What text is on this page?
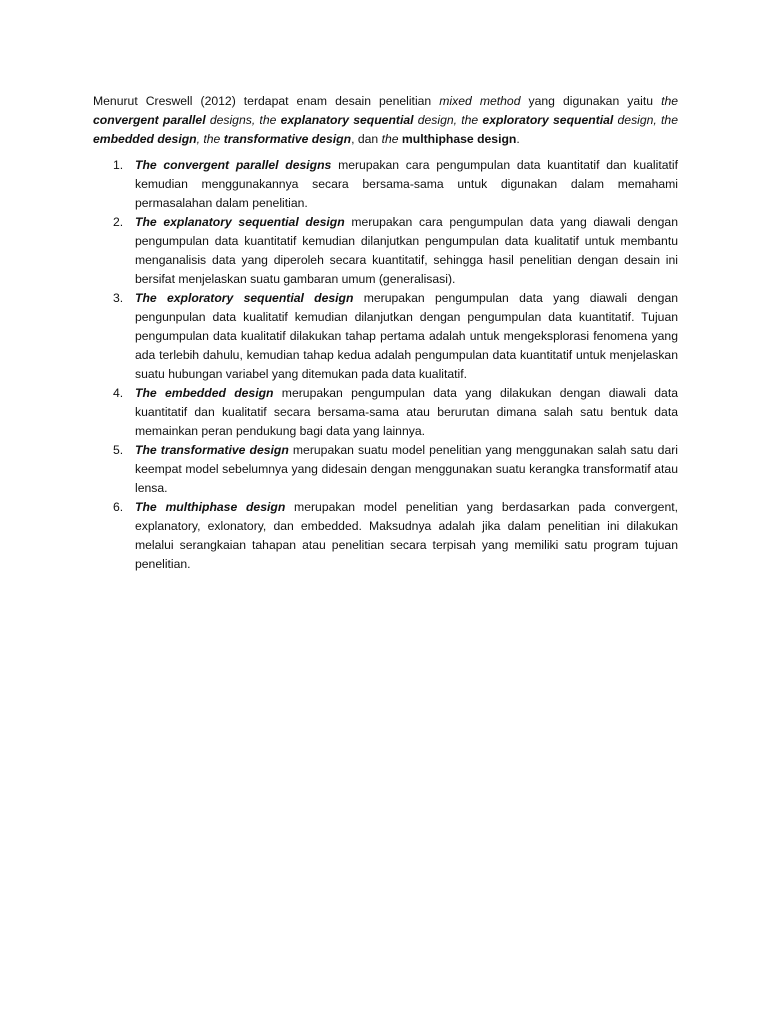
Menurut Creswell (2012) terdapat enam desain penelitian mixed method yang digunakan yaitu the convergent parallel designs, the explanatory sequential design, the exploratory sequential design, the embedded design, the transformative design, dan the multhiphase design.

1. The convergent parallel designs merupakan cara pengumpulan data kuantitatif dan kualitatif kemudian menggunakannya secara bersama-sama untuk digunakan dalam memahami permasalahan dalam penelitian.
2. The explanatory sequential design merupakan cara pengumpulan data yang diawali dengan pengumpulan data kuantitatif kemudian dilanjutkan pengumpulan data kualitatif untuk membantu menganalisis data yang diperoleh secara kuantitatif, sehingga hasil penelitian dengan desain ini bersifat menjelaskan suatu gambaran umum (generalisasi).
3. The exploratory sequential design merupakan pengumpulan data yang diawali dengan pengunpulan data kualitatif kemudian dilanjutkan dengan pengumpulan data kuantitatif. Tujuan pengumpulan data kualitatif dilakukan tahap pertama adalah untuk mengeksplorasi fenomena yang ada terlebih dahulu, kemudian tahap kedua adalah pengumpulan data kuantitatif untuk menjelaskan suatu hubungan variabel yang ditemukan pada data kualitatif.
4. The embedded design merupakan pengumpulan data yang dilakukan dengan diawali data kuantitatif dan kualitatif secara bersama-sama atau berurutan dimana salah satu bentuk data memainkan peran pendukung bagi data yang lainnya.
5. The transformative design merupakan suatu model penelitian yang menggunakan salah satu dari keempat model sebelumnya yang didesain dengan menggunakan suatu kerangka transformatif atau lensa.
6. The multhiphase design merupakan model penelitian yang berdasarkan pada convergent, explanatory, exlonatory, dan embedded. Maksudnya adalah jika dalam penelitian ini dilakukan melalui serangkaian tahapan atau penelitian secara terpisah yang memiliki satu program tujuan penelitian.
